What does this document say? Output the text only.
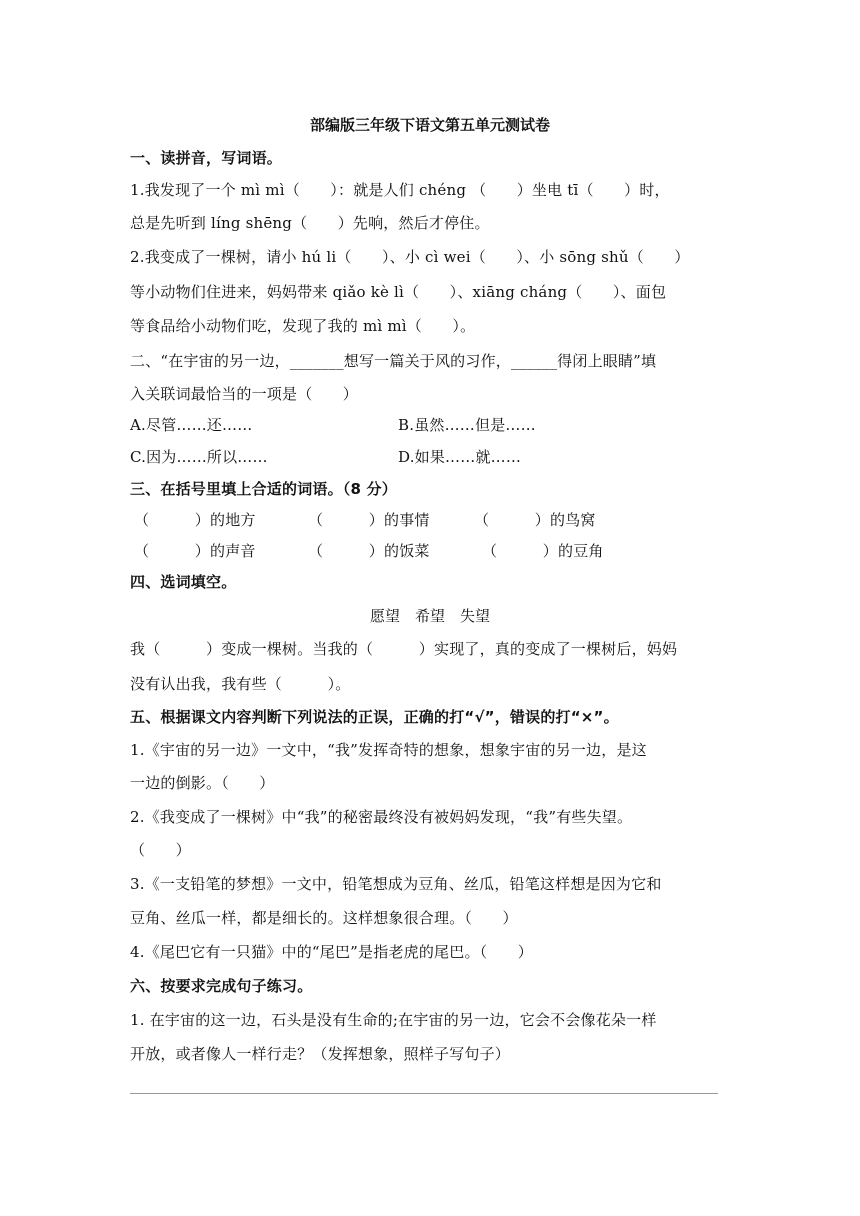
部编版三年级下语文第五单元测试卷
一、读拼音，写词语。
1.我发现了一个 mì mì（　　）：就是人们 chéng （　　）坐电 tī（　　）时，
总是先听到 líng shēng（　　）先响，然后才停住。
2.我变成了一棵树，请小 hú li（　　）、小 cì wei（　　）、小 sōng shǔ（　　）
等小动物们住进来，妈妈带来 qiǎo kè lì（　　）、xiāng cháng（　　）、面包
等食品给小动物们吃，发现了我的 mì mì（　　）。
二、“在宇宙的另一边，_______想写一篇关于风的习作，______得闭上眼睛”填
入关联词最恰当的一项是（　　）
A.尽管……还……	B.虽然……但是……
C.因为……所以……	D.如果……就……
三、在括号里填上合适的词语。（8 分）
（　　　）的地方	（　　　）的事情	（　　　）的鸟窝
（　　　）的声音	（　　　）的饭菜	（　　　）的豆角
四、选词填空。
愿望　希望　失望
我（　　　）变成一棵树。当我的（　　　）实现了，真的变成了一棵树后，妈妈
没有认出我，我有些（　　　）。
五、根据课文内容判断下列说法的正误，正确的打“√”，错误的打“×”。
1.《宇宙的另一边》一文中，“我”发挥奇特的想象，想象宇宙的另一边，是这
一边的倒影。（　　）
2.《我变成了一棵树》中“我”的秘密最终没有被妈妈发现，“我”有些失望。
（　　）
3.《一支铅笔的梦想》一文中，铅笔想成为豆角、丝瓜，铅笔这样想是因为它和
豆角、丝瓜一样，都是细长的。这样想象很合理。（　　）
4.《尾巴它有一只猫》中的“尾巴”是指老虎的尾巴。（　　）
六、按要求完成句子练习。
1. 在宇宙的这一边，石头是没有生命的;在宇宙的另一边，它会不会像花朵一样
开放，或者像人一样行走？（发挥想象，照样子写句子）
